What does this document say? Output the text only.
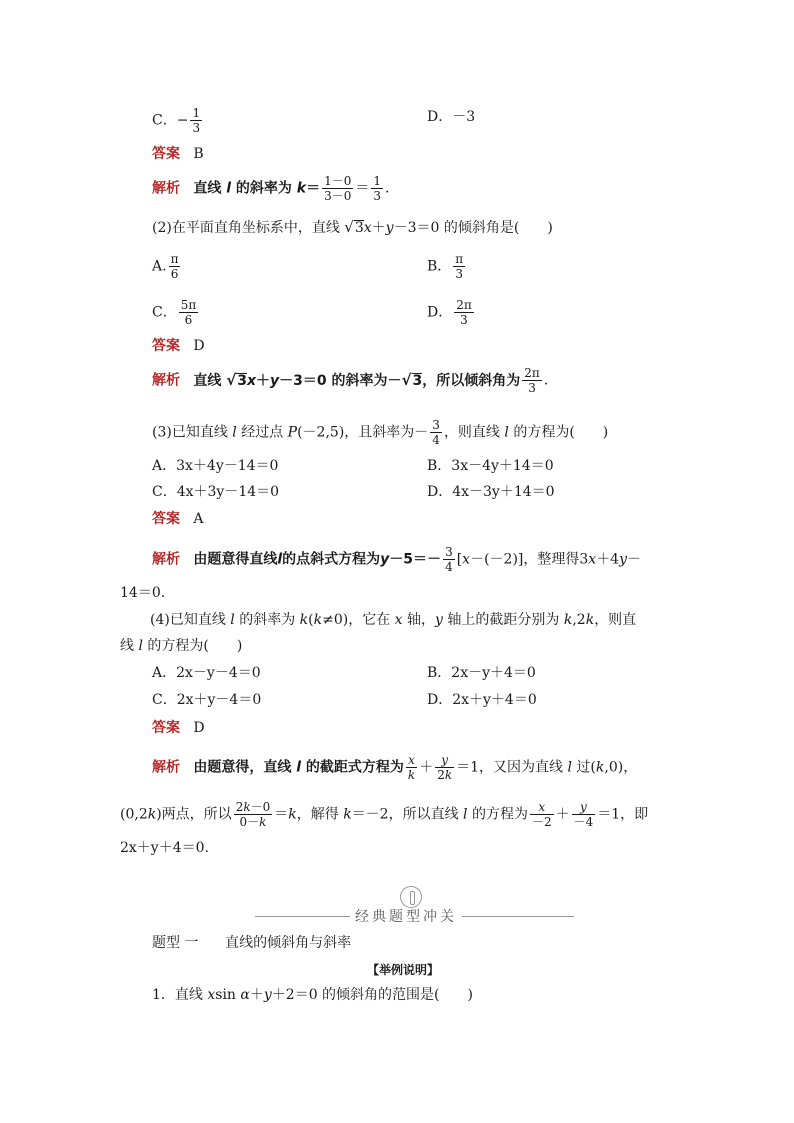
C．− $\frac{1}{3}$	D．－3
答案 B
解析 直线 l 的斜率为 $k= \frac{1-0}{3-0} = \frac{1}{3}$ .
(2)在平面直角坐标系中，直线 √3x＋y－3＝0 的倾斜角是(　　)
A. $\frac{\pi}{6}$	B． $\frac{\pi}{3}$
C． $\frac{5\pi}{6}$	D． $\frac{2\pi}{3}$
答案 D
解析 直线 √3x＋y－3＝0 的斜率为－√3，所以倾斜角为 $\frac{2\pi}{3}$ .
(3)已知直线 l 经过点 P(－2,5)，且斜率为－ $\frac{3}{4}$ ，则直线 l 的方程为(　　)
A．3x＋4y－14＝0	B．3x－4y＋14＝0
C．4x＋3y－14＝0	D．4x－3y＋14＝0
答案 A
解析 由题意得直线l的点斜式方程为$y-5=- \frac{3}{4} [x-(-2)]$，整理得3x＋4y－
14＝0.
(4)已知直线 l 的斜率为 k(k≠0)，它在 x 轴，y 轴上的截距分别为 k,2k，则直
线 l 的方程为(　　)
A．2x－y－4＝0	B．2x－y＋4＝0
C．2x＋y－4＝0	D．2x＋y＋4＝0
答案 D
解析 由题意得，直线 l 的截距式方程为 $\frac{x}{k} + \frac{y}{2k} =1$，又因为直线 l 过(k,0)，
(0,2k)两点，所以 $\frac{2k-0}{0-k} =k$，解得 k＝－2，所以直线 l 的方程为 $\frac{x}{-2} + \frac{y}{-4} =1$，即
2x＋y＋4＝0.
经典题型冲关
题型 一 直线的倾斜角与斜率
【举例说明】
1．直线 xsin α＋y＋2＝0 的倾斜角的范围是(　　)
